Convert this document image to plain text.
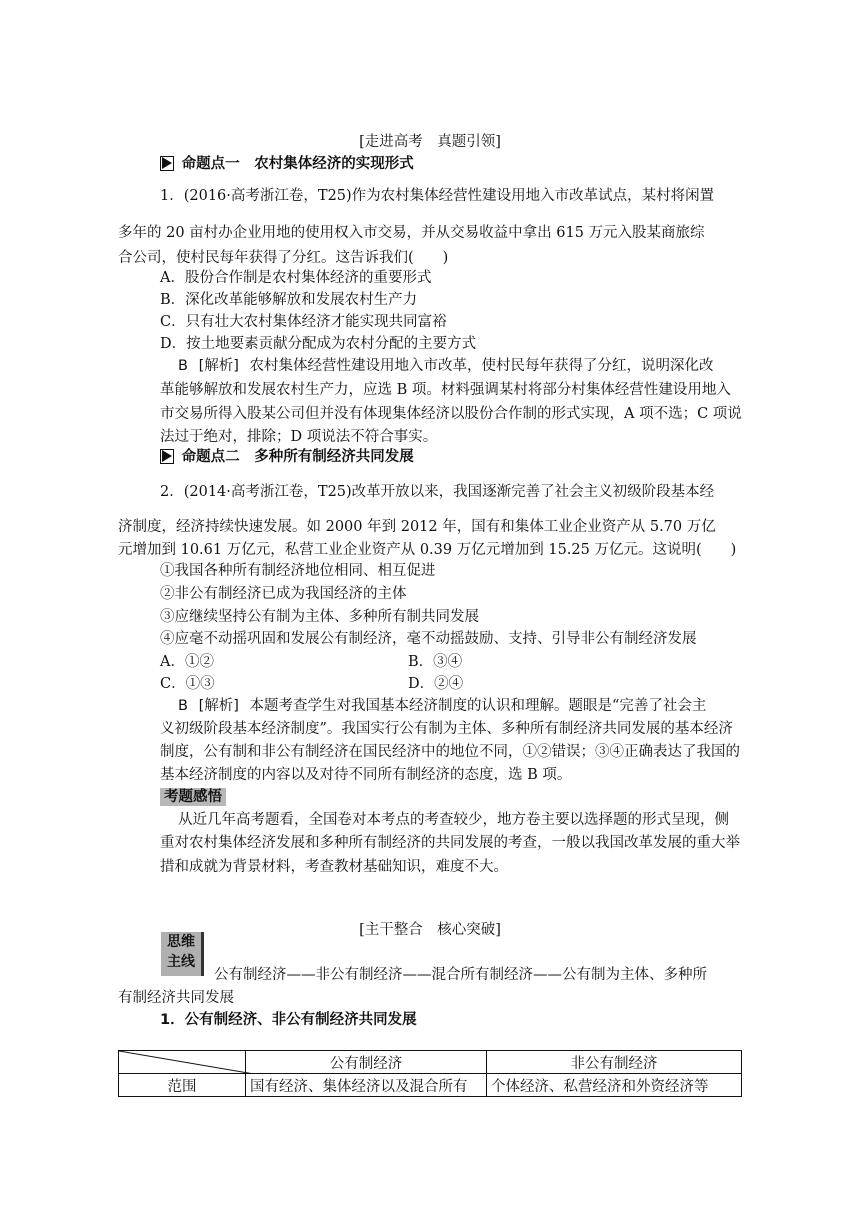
[走进高考　真题引领]
命题点一 农村集体经济的实现形式
1．(2016·高考浙江卷，T25)作为农村集体经营性建设用地入市改革试点，某村将闲置
多年的 20 亩村办企业用地的使用权入市交易，并从交易收益中拿出 615 万元入股某商旅综
合公司，使村民每年获得了分红。这告诉我们(　　)
A．股份合作制是农村集体经济的重要形式
B．深化改革能够解放和发展农村生产力
C．只有壮大农村集体经济才能实现共同富裕
D．按土地要素贡献分配成为农村分配的主要方式
B [解析] 农村集体经营性建设用地入市改革，使村民每年获得了分红，说明深化改
革能够解放和发展农村生产力，应选 B 项。材料强调某村将部分村集体经营性建设用地入
市交易所得入股某公司但并没有体现集体经济以股份合作制的形式实现，A 项不选；C 项说
法过于绝对，排除；D 项说法不符合事实。
命题点二 多种所有制经济共同发展
2．(2014·高考浙江卷，T25)改革开放以来，我国逐渐完善了社会主义初级阶段基本经
济制度，经济持续快速发展。如 2000 年到 2012 年，国有和集体工业企业资产从 5.70 万亿
元增加到 10.61 万亿元，私营工业企业资产从 0.39 万亿元增加到 15.25 万亿元。这说明(　　)
①我国各种所有制经济地位相同、相互促进
②非公有制经济已成为我国经济的主体
③应继续坚持公有制为主体、多种所有制共同发展
④应毫不动摇巩固和发展公有制经济，毫不动摇鼓励、支持、引导非公有制经济发展
A．①②	B．③④
C．①③	D．②④
B [解析] 本题考查学生对我国基本经济制度的认识和理解。题眼是“完善了社会主
义初级阶段基本经济制度”。我国实行公有制为主体、多种所有制经济共同发展的基本经济
制度，公有制和非公有制经济在国民经济中的地位不同，①②错误；③④正确表达了我国的
基本经济制度的内容以及对待不同所有制经济的态度，选 B 项。
考题感悟
从近几年高考题看，全国卷对本考点的考查较少，地方卷主要以选择题的形式呈现，侧
重对农村集体经济发展和多种所有制经济的共同发展的考查，一般以我国改革发展的重大举
措和成就为背景材料，考查教材基础知识，难度不大。
[主干整合　核心突破]
思维
主线
公有制经济——非公有制经济——混合所有制经济——公有制为主体、多种所
有制经济共同发展
1．公有制经济、非公有制经济共同发展
	公有制经济	非公有制经济
范围	国有经济、集体经济以及混合所有	个体经济、私营经济和外资经济等
